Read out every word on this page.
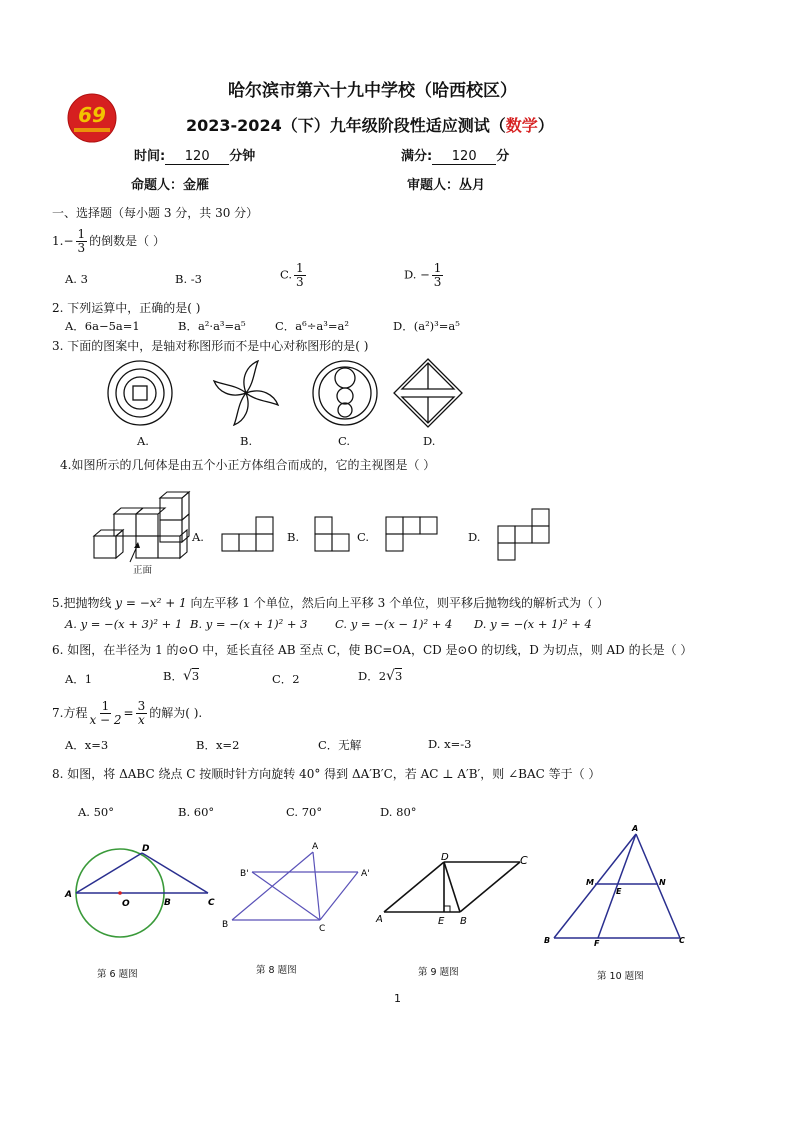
69
哈尔滨市第六十九中学校（哈西校区）
2023-2024（下）九年级阶段性适应测试（数学）
时间: 120 分钟	满分: 120 分
命题人：金雁	审题人：丛月
一、选择题（每小题 3 分，共 30 分）
$1.- \frac{1}{3}$ 的倒数是（ ）
A. 3	B. -3	C. $\frac{1}{3}$	D. − $\frac{1}{3}$
2. 下列运算中，正确的是( )
A．6a−5a=1	B．a²·a³=a⁵	C．a⁶÷a³=a²	D．(a²)³=a⁵
3. 下面的图案中，是轴对称图形而不是中心对称图形的是( )
A.	B.	C.	D.
4.如图所示的几何体是由五个小正方体组合而成的，它的主视图是（ ）
正面
A.	B.	C.	D.
5.把抛物线 y = −x² + 1 向左平移 1 个单位，然后向上平移 3 个单位，则平移后抛物线的解析式为（ ）
A. y = −(x + 3)² + 1 B. y = −(x + 1)² + 3 C. y = −(x − 1)² + 4 D. y = −(x + 1)² + 4
6. 如图，在半径为 1 的⊙O 中，延长直径 AB 至点 C，使 BC=OA，CD 是⊙O 的切线，D 为切点，则 AD 的长是（ ）
A．1	B．√3	C．2	D．2√3
7.方程 $\frac{1}{x - 2} = \frac{3}{x}$ 的解为( ).
A．x=3	B．x=2	C．无解	D. x=-3
8. 如图，将 ΔABC 绕点 C 按顺时针方向旋转 40° 得到 ΔA′B′C，若 AC ⊥ A′B′，则 ∠BAC 等于（ ）
A. 50°	B. 60°	C. 70°	D. 80°
A
O	B	C
D
第 6 题图
A
A'
B'
B	C
第 8 题图
D	C
A	E B
第 9 题图
A
M
E
N
B	F	C
第 10 题图
1
